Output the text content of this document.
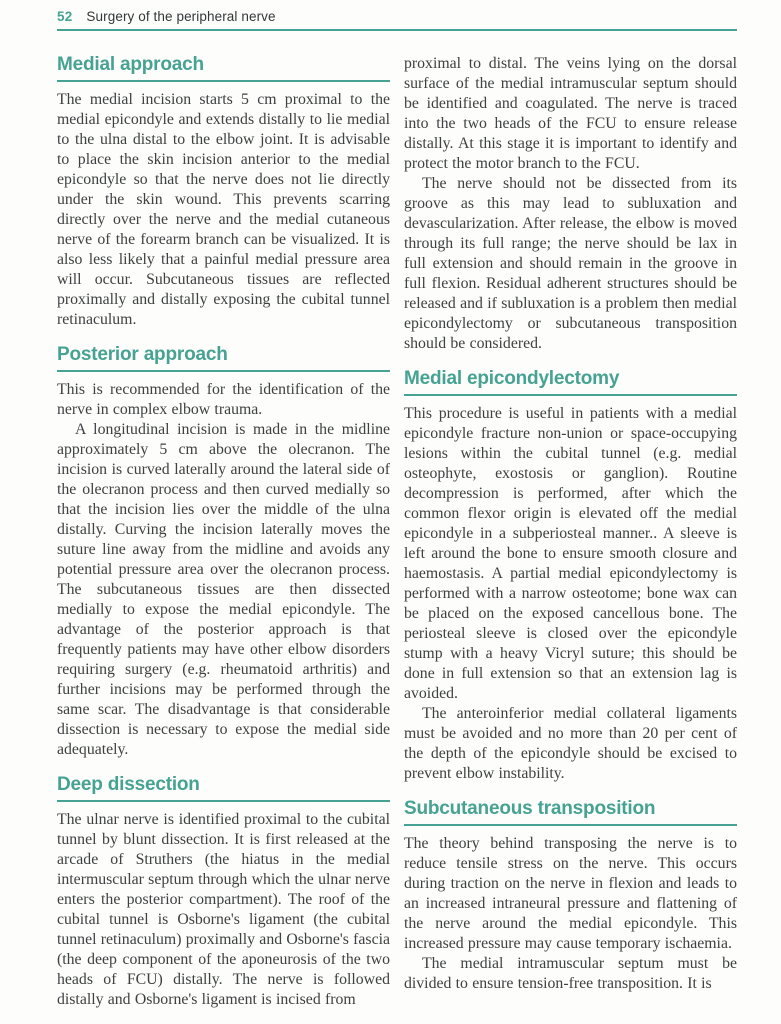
52 Surgery of the peripheral nerve
Medial approach

The medial incision starts 5 cm proximal to the medial epicondyle and extends distally to lie medial to the ulna distal to the elbow joint. It is advisable to place the skin incision anterior to the medial epicondyle so that the nerve does not lie directly under the skin wound. This prevents scarring directly over the nerve and the medial cutaneous nerve of the forearm branch can be visualized. It is also less likely that a painful medial pressure area will occur. Subcutaneous tissues are reflected proximally and distally exposing the cubital tunnel retinaculum.

Posterior approach

This is recommended for the identification of the nerve in complex elbow trauma.

A longitudinal incision is made in the midline approximately 5 cm above the olecranon. The incision is curved laterally around the lateral side of the olecranon process and then curved medially so that the incision lies over the middle of the ulna distally. Curving the incision laterally moves the suture line away from the midline and avoids any potential pressure area over the olecranon process. The subcutaneous tissues are then dissected medially to expose the medial epicondyle. The advantage of the posterior approach is that frequently patients may have other elbow disorders requiring surgery (e.g. rheumatoid arthritis) and further incisions may be performed through the same scar. The disadvantage is that considerable dissection is necessary to expose the medial side adequately.

Deep dissection

The ulnar nerve is identified proximal to the cubital tunnel by blunt dissection. It is first released at the arcade of Struthers (the hiatus in the medial intermuscular septum through which the ulnar nerve enters the posterior compartment). The roof of the cubital tunnel is Osborne's ligament (the cubital tunnel retinaculum) proximally and Osborne's fascia (the deep component of the aponeurosis of the two heads of FCU) distally. The nerve is followed distally and Osborne's ligament is incised from

proximal to distal. The veins lying on the dorsal surface of the medial intramuscular septum should be identified and coagulated. The nerve is traced into the two heads of the FCU to ensure release distally. At this stage it is important to identify and protect the motor branch to the FCU.

The nerve should not be dissected from its groove as this may lead to subluxation and devascularization. After release, the elbow is moved through its full range; the nerve should be lax in full extension and should remain in the groove in full flexion. Residual adherent structures should be released and if subluxation is a problem then medial epicondylectomy or subcutaneous transposition should be considered.

Medial epicondylectomy

This procedure is useful in patients with a medial epicondyle fracture non-union or space-occupying lesions within the cubital tunnel (e.g. medial osteophyte, exostosis or ganglion). Routine decompression is performed, after which the common flexor origin is elevated off the medial epicondyle in a subperiosteal manner.. A sleeve is left around the bone to ensure smooth closure and haemostasis. A partial medial epicondylectomy is performed with a narrow osteotome; bone wax can be placed on the exposed cancellous bone. The periosteal sleeve is closed over the epicondyle stump with a heavy Vicryl suture; this should be done in full extension so that an extension lag is avoided.

The anteroinferior medial collateral ligaments must be avoided and no more than 20 per cent of the depth of the epicondyle should be excised to prevent elbow instability.

Subcutaneous transposition

The theory behind transposing the nerve is to reduce tensile stress on the nerve. This occurs during traction on the nerve in flexion and leads to an increased intraneural pressure and flattening of the nerve around the medial epicondyle. This increased pressure may cause temporary ischaemia.

The medial intramuscular septum must be divided to ensure tension-free transposition. It is
